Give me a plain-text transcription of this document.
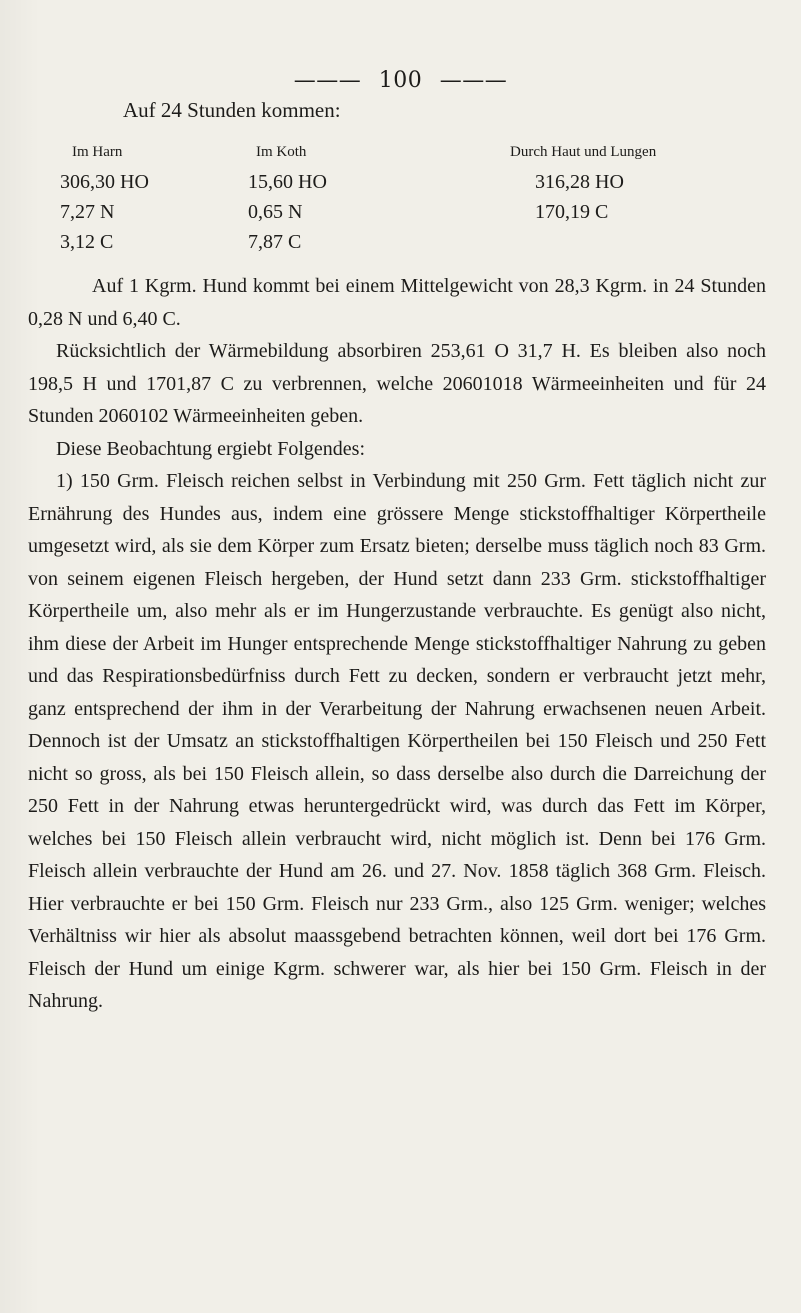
——— 100 ———
Auf 24 Stunden kommen:
Im Harn
306,30 HO
7,27 N
3,12 C
Im Koth
15,60 HO
0,65 N
7,87 C
Durch Haut und Lungen
316,28 HO
170,19 C

Auf 1 Kgrm. Hund kommt bei einem Mittelgewicht von 28,3 Kgrm. in 24 Stunden 0,28 N und 6,40 C.

Rücksichtlich der Wärmebildung absorbiren 253,61 O 31,7 H. Es bleiben also noch 198,5 H und 1701,87 C zu verbrennen, welche 20601018 Wärmeeinheiten und für 24 Stunden 2060102 Wärmeeinheiten geben.

Diese Beobachtung ergiebt Folgendes:

1) 150 Grm. Fleisch reichen selbst in Verbindung mit 250 Grm. Fett täglich nicht zur Ernährung des Hundes aus, indem eine grössere Menge stickstoffhaltiger Körpertheile umgesetzt wird, als sie dem Körper zum Ersatz bieten; derselbe muss täglich noch 83 Grm. von seinem eigenen Fleisch hergeben, der Hund setzt dann 233 Grm. stickstoffhaltiger Körpertheile um, also mehr als er im Hungerzustande verbrauchte. Es genügt also nicht, ihm diese der Arbeit im Hunger entsprechende Menge stickstoffhaltiger Nahrung zu geben und das Respirationsbedürfniss durch Fett zu decken, sondern er verbraucht jetzt mehr, ganz entsprechend der ihm in der Verarbeitung der Nahrung erwachsenen neuen Arbeit. Dennoch ist der Umsatz an stickstoffhaltigen Körpertheilen bei 150 Fleisch und 250 Fett nicht so gross, als bei 150 Fleisch allein, so dass derselbe also durch die Darreichung der 250 Fett in der Nahrung etwas heruntergedrückt wird, was durch das Fett im Körper, welches bei 150 Fleisch allein verbraucht wird, nicht möglich ist. Denn bei 176 Grm. Fleisch allein verbrauchte der Hund am 26. und 27. Nov. 1858 täglich 368 Grm. Fleisch. Hier verbrauchte er bei 150 Grm. Fleisch nur 233 Grm., also 125 Grm. weniger; welches Verhältniss wir hier als absolut maassgebend betrachten können, weil dort bei 176 Grm. Fleisch der Hund um einige Kgrm. schwerer war, als hier bei 150 Grm. Fleisch in der Nahrung.
